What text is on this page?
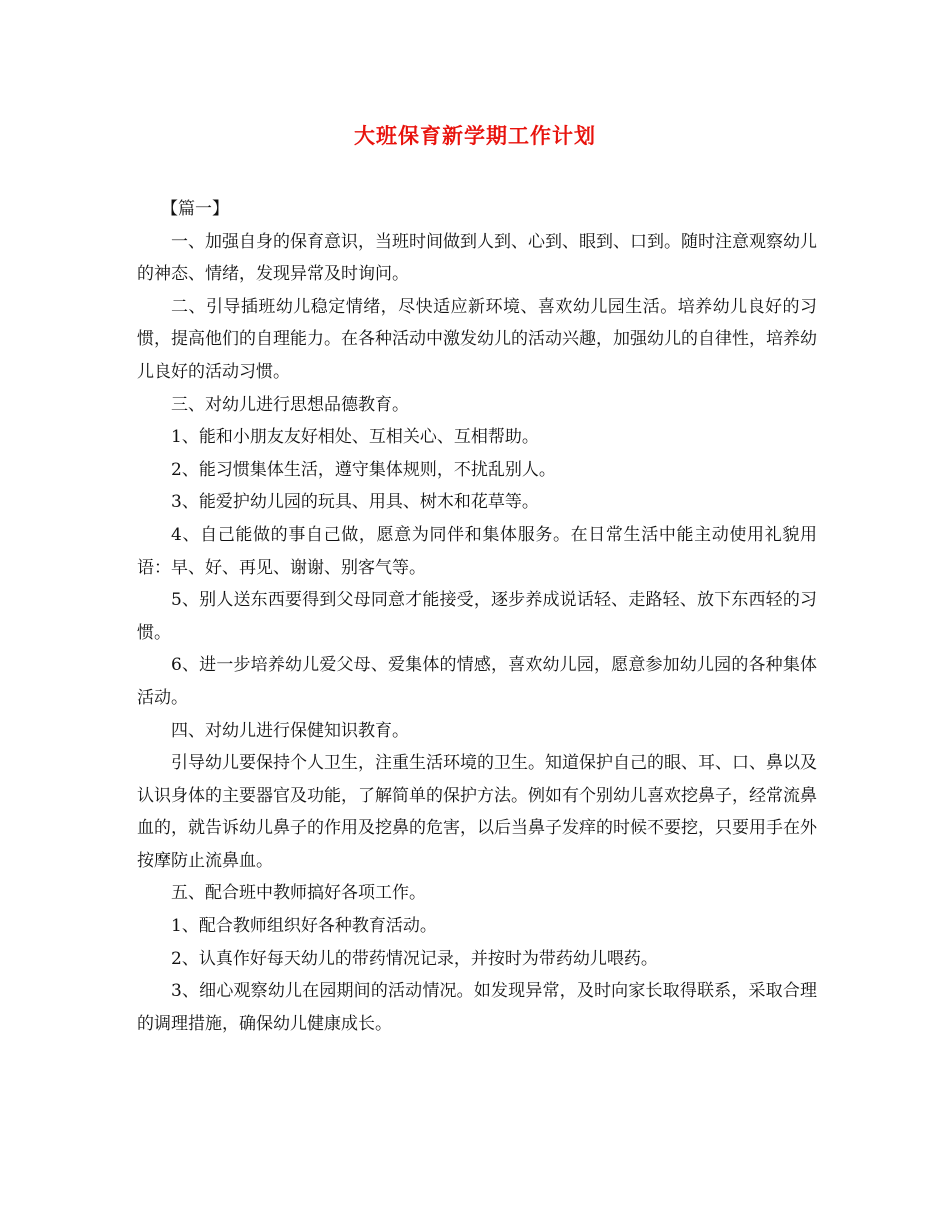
大班保育新学期工作计划

【篇一】

一、加强自身的保育意识，当班时间做到人到、心到、眼到、口到。随时注意观察幼儿的神态、情绪，发现异常及时询问。

二、引导插班幼儿稳定情绪，尽快适应新环境、喜欢幼儿园生活。培养幼儿良好的习惯，提高他们的自理能力。在各种活动中激发幼儿的活动兴趣，加强幼儿的自律性，培养幼儿良好的活动习惯。

三、对幼儿进行思想品德教育。

1、能和小朋友友好相处、互相关心、互相帮助。

2、能习惯集体生活，遵守集体规则，不扰乱别人。

3、能爱护幼儿园的玩具、用具、树木和花草等。

4、自己能做的事自己做，愿意为同伴和集体服务。在日常生活中能主动使用礼貌用语：早、好、再见、谢谢、别客气等。

5、别人送东西要得到父母同意才能接受，逐步养成说话轻、走路轻、放下东西轻的习惯。

6、进一步培养幼儿爱父母、爱集体的情感，喜欢幼儿园，愿意参加幼儿园的各种集体活动。

四、对幼儿进行保健知识教育。

引导幼儿要保持个人卫生，注重生活环境的卫生。知道保护自己的眼、耳、口、鼻以及认识身体的主要器官及功能，了解简单的保护方法。例如有个别幼儿喜欢挖鼻子，经常流鼻血的，就告诉幼儿鼻子的作用及挖鼻的危害，以后当鼻子发痒的时候不要挖，只要用手在外按摩防止流鼻血。

五、配合班中教师搞好各项工作。

1、配合教师组织好各种教育活动。

2、认真作好每天幼儿的带药情况记录，并按时为带药幼儿喂药。

3、细心观察幼儿在园期间的活动情况。如发现异常，及时向家长取得联系，采取合理的调理措施，确保幼儿健康成长。
